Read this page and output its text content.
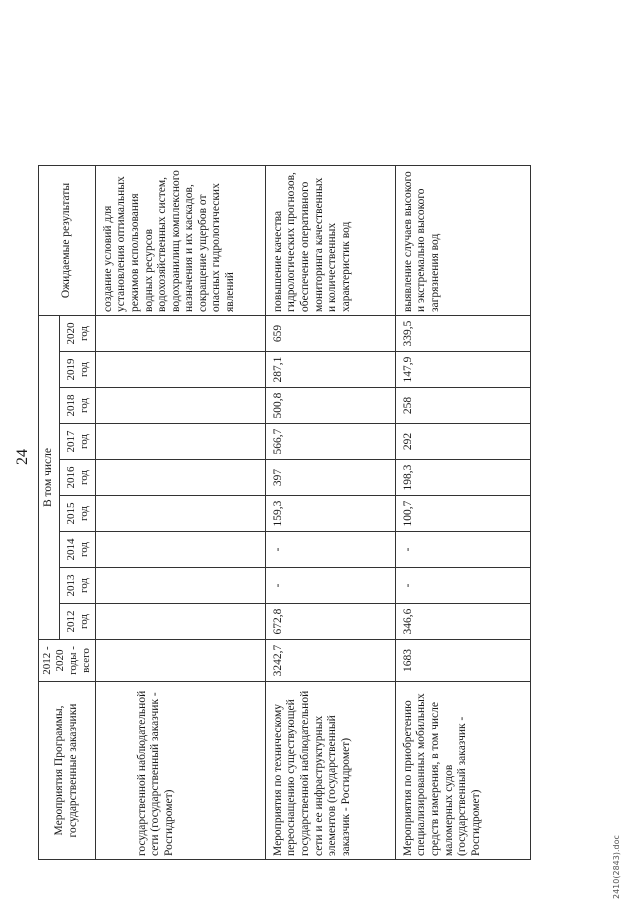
24
Мероприятия Программы, государственные заказчики	2012 - 2020 годы - всего	В том числе									Ожидаемые результаты
		2012 год	2013 год	2014 год	2015 год	2016 год	2017 год	2018 год	2019 год	2020 год	
государственной наблюдательной сети (государственный заказчик - Росгидромет)											создание условий для установления оптимальных режимов использования водных ресурсов водохозяйственных систем, водохранилищ комплексного назначения и их каскадов, сокращение ущербов от опасных гидрологических явлений
Мероприятия по техническому переоснащению существующей государственной наблюдательной сети и ее инфраструктурных элементов (государственный заказчик - Росгидромет)	3242,7	672,8	-	-	159,3	397	566,7	500,8	287,1	659	повышение качества гидрологических прогнозов, обеспечение оперативного мониторинга качественных и количественных характеристик вод
Мероприятия по приобретению специализированных мобильных средств измерения, в том числе маломерных судов (государственный заказчик - Росгидромет)	1683	346,6	-	-	100,7	198,3	292	258	147,9	339,5	выявление случаев высокого и экстремально высокого загрязнения вод
2410(2843).doc
